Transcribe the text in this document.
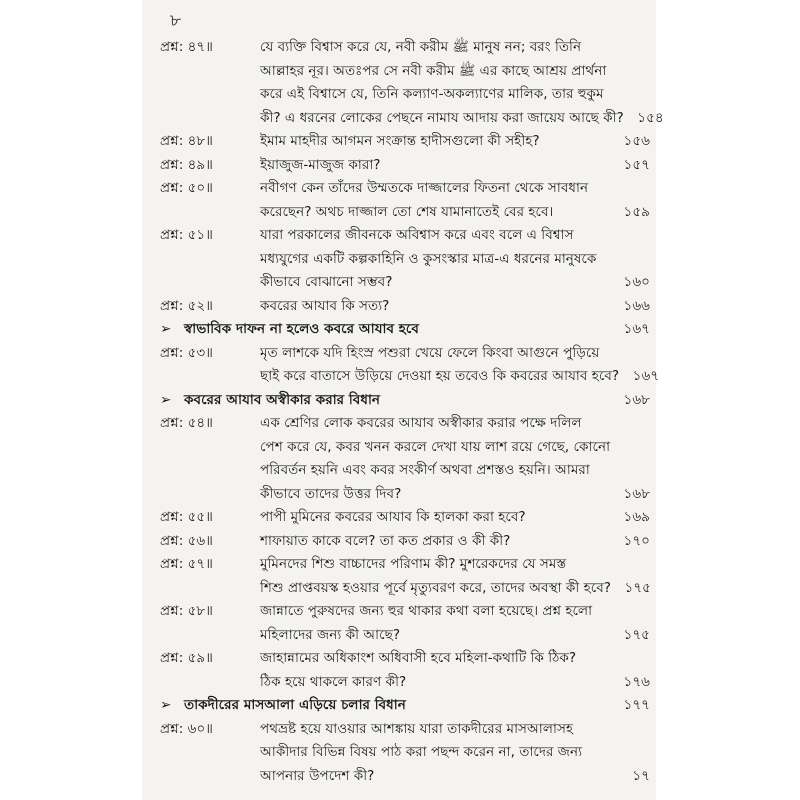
৮
প্রশ্ন: ৪৭॥	যে ব্যক্তি বিশ্বাস করে যে, নবী করীম ﷺ মানুষ নন; বরং তিনি
আল্লাহর নূর। অতঃপর সে নবী করীম ﷺ এর কাছে আশ্রয় প্রার্থনা
করে এই বিশ্বাসে যে, তিনি কল্যাণ-অকল্যাণের মালিক, তার হুকুম
কী? এ ধরনের লোকের পেছনে নামায আদায় করা জায়েয আছে কী? ১৫৪
প্রশ্ন: ৪৮॥	ইমাম মাহদীর আগমন সংক্রান্ত হাদীসগুলো কী সহীহ?	১৫৬
প্রশ্ন: ৪৯॥	ইয়াজুজ-মাজুজ কারা?	১৫৭
প্রশ্ন: ৫০॥	নবীগণ কেন তাঁদের উম্মতকে দাজ্জালের ফিতনা থেকে সাবধান
করেছেন? অথচ দাজ্জাল তো শেষ যামানাতেই বের হবে।	১৫৯
প্রশ্ন: ৫১॥	যারা পরকালের জীবনকে অবিশ্বাস করে এবং বলে এ বিশ্বাস
মধ্যযুগের একটি কল্পকাহিনি ও কুসংস্কার মাত্র-এ ধরনের মানুষকে
কীভাবে বোঝানো সম্ভব?	১৬০
প্রশ্ন: ৫২॥	কবরের আযাব কি সত্য?	১৬৬
➢ স্বাভাবিক দাফন না হলেও কবরে আযাব হবে	১৬৭
প্রশ্ন: ৫৩॥	মৃত লাশকে যদি হিংস্র পশুরা খেয়ে ফেলে কিংবা আগুনে পুড়িয়ে
ছাই করে বাতাসে উড়িয়ে দেওয়া হয় তবেও কি কবরের আযাব হবে? ১৬৭
➢ কবরের আযাব অস্বীকার করার বিধান	১৬৮
প্রশ্ন: ৫৪॥	এক শ্রেণির লোক কবরের আযাব অস্বীকার করার পক্ষে দলিল
পেশ করে যে, কবর খনন করলে দেখা যায় লাশ রয়ে গেছে, কোনো
পরিবর্তন হয়নি এবং কবর সংকীর্ণ অথবা প্রশস্তও হয়নি। আমরা
কীভাবে তাদের উত্তর দিব?	১৬৮
প্রশ্ন: ৫৫॥	পাপী মুমিনের কবরের আযাব কি হালকা করা হবে?	১৬৯
প্রশ্ন: ৫৬॥	শাফায়াত কাকে বলে? তা কত প্রকার ও কী কী?	১৭০
প্রশ্ন: ৫৭॥	মুমিনদের শিশু বাচ্চাদের পরিণাম কী? মুশরেকদের যে সমস্ত
শিশু প্রাপ্তবয়স্ক হওয়ার পূর্বে মৃত্যুবরণ করে, তাদের অবস্থা কী হবে? ১৭৫
প্রশ্ন: ৫৮॥	জান্নাতে পুরুষদের জন্য হুর থাকার কথা বলা হয়েছে। প্রশ্ন হলো
মহিলাদের জন্য কী আছে?	১৭৫
প্রশ্ন: ৫৯॥	জাহান্নামের অধিকাংশ অধিবাসী হবে মহিলা-কথাটি কি ঠিক?
ঠিক হয়ে থাকলে কারণ কী?	১৭৬
➢ তাকদীরের মাসআলা এড়িয়ে চলার বিধান	১৭৭
প্রশ্ন: ৬০॥	পথভ্রষ্ট হয়ে যাওয়ার আশঙ্কায় যারা তাকদীরের মাসআলাসহ
আকীদার বিভিন্ন বিষয় পাঠ করা পছন্দ করেন না, তাদের জন্য
আপনার উপদেশ কী?	১৭
